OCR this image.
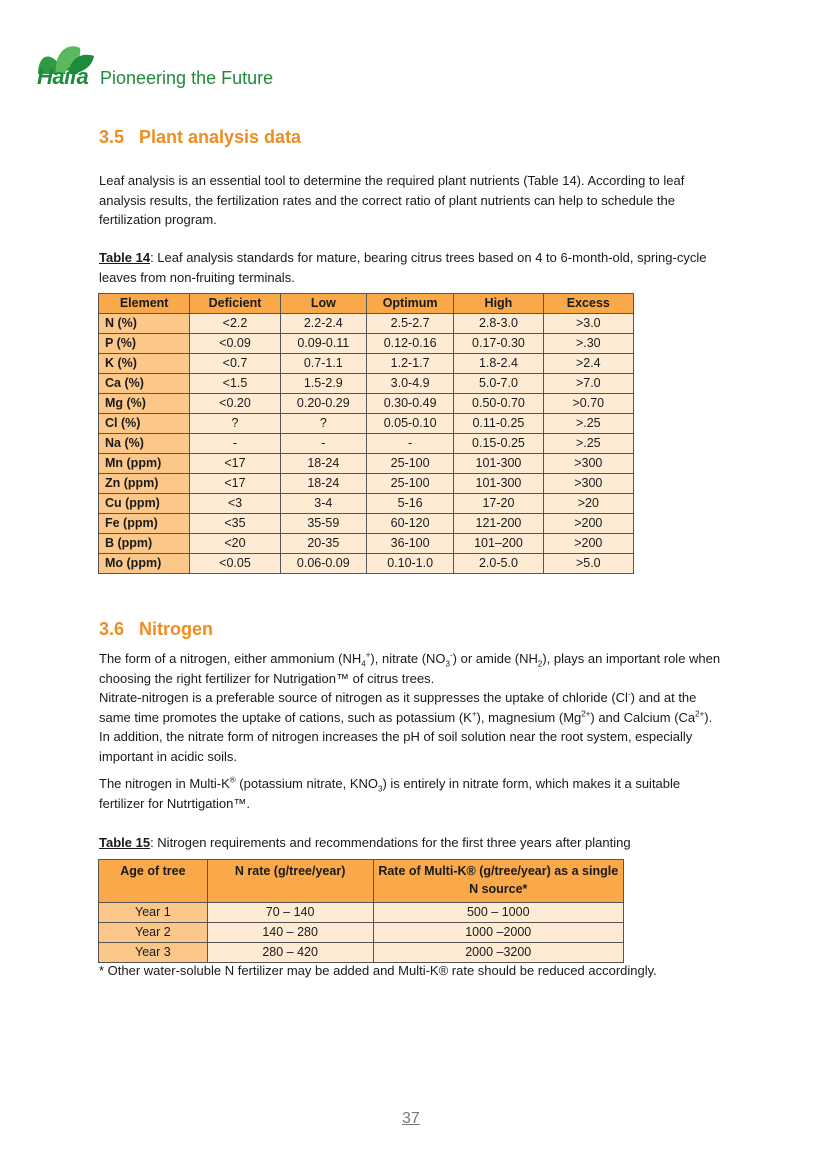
Haifa Pioneering the Future
3.5 Plant analysis data

Leaf analysis is an essential tool to determine the required plant nutrients (Table 14). According to leaf analysis results, the fertilization rates and the correct ratio of plant nutrients can help to schedule the fertilization program.

Table 14: Leaf analysis standards for mature, bearing citrus trees based on 4 to 6-month-old, spring-cycle leaves from non-fruiting terminals.

Element	Deficient	Low	Optimum	High	Excess
N (%)	<2.2	2.2-2.4	2.5-2.7	2.8-3.0	>3.0
P (%)	<0.09	0.09-0.11	0.12-0.16	0.17-0.30	>.30
K (%)	<0.7	0.7-1.1	1.2-1.7	1.8-2.4	>2.4
Ca (%)	<1.5	1.5-2.9	3.0-4.9	5.0-7.0	>7.0
Mg (%)	<0.20	0.20-0.29	0.30-0.49	0.50-0.70	>0.70
Cl (%)	?	?	0.05-0.10	0.11-0.25	>.25
Na (%)	-	-	-	0.15-0.25	>.25
Mn (ppm)	<17	18-24	25-100	101-300	>300
Zn (ppm)	<17	18-24	25-100	101-300	>300
Cu (ppm)	<3	3-4	5-16	17-20	>20
Fe (ppm)	<35	35-59	60-120	121-200	>200
B (ppm)	<20	20-35	36-100	101–200	>200
Mo (ppm)	<0.05	0.06-0.09	0.10-1.0	2.0-5.0	>5.0
3.6 Nitrogen

The form of a nitrogen, either ammonium $(NH_4^+)$, nitrate $(NO_3^-)$ or amide $(NH_2)$, plays an important role when choosing the right fertilizer for Nutrigation™ of citrus trees.

Nitrate-nitrogen is a preferable source of nitrogen as it suppresses the uptake of chloride (Cl-) and at the same time promotes the uptake of cations, such as potassium (K+), magnesium $(Mg^{2+})$ and Calcium $(Ca^{2+})$. In addition, the nitrate form of nitrogen increases the pH of soil solution near the root system, especially important in acidic soils.

The nitrogen in Multi-K® (potassium nitrate, $KNO_3$) is entirely in nitrate form, which makes it a suitable fertilizer for Nutrtigation™.

Table 15: Nitrogen requirements and recommendations for the first three years after planting

Age of tree	N rate (g/tree/year)	Rate of Multi-K® (g/tree/year) as a single N source*
Year 1	70 – 140	500 – 1000
Year 2	140 – 280	1000 –2000
Year 3	280 – 420	2000 –3200
* Other water-soluble N fertilizer may be added and Multi-K® rate should be reduced accordingly.
37
